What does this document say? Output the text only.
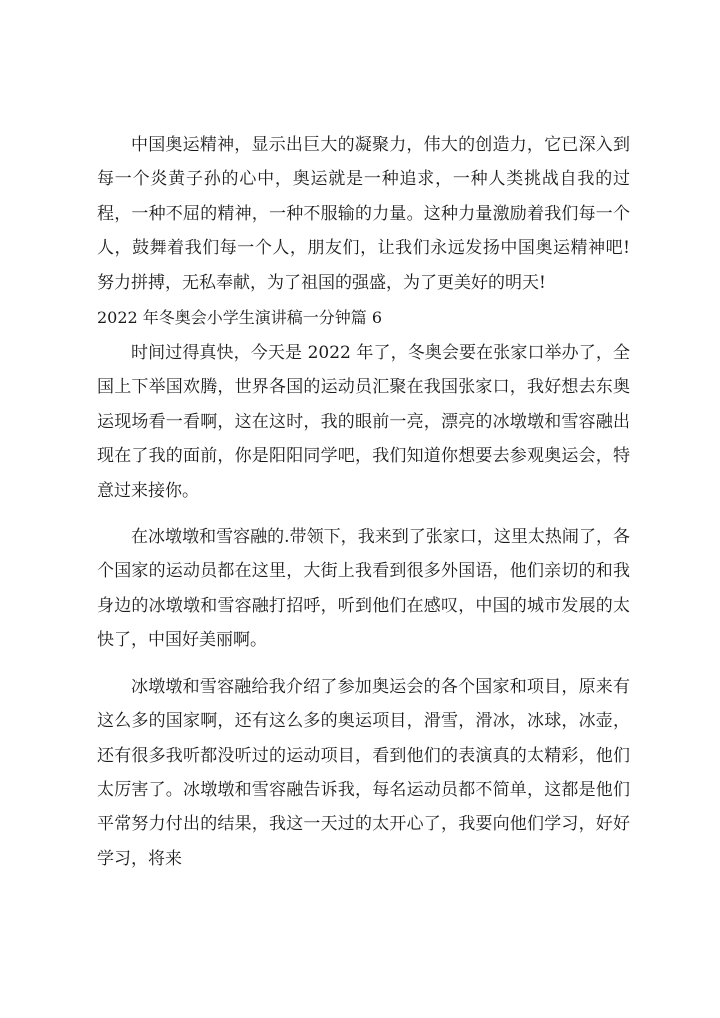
中国奥运精神，显示出巨大的凝聚力，伟大的创造力，它已深入到每一个炎黄子孙的心中，奥运就是一种追求，一种人类挑战自我的过程，一种不屈的精神，一种不服输的力量。这种力量激励着我们每一个人，鼓舞着我们每一个人，朋友们，让我们永远发扬中国奥运精神吧!努力拼搏，无私奉献，为了祖国的强盛，为了更美好的明天!

2022 年冬奥会小学生演讲稿一分钟篇 6

时间过得真快，今天是 2022 年了，冬奥会要在张家口举办了，全国上下举国欢腾，世界各国的运动员汇聚在我国张家口，我好想去东奥运现场看一看啊，这在这时，我的眼前一亮，漂亮的冰墩墩和雪容融出现在了我的面前，你是阳阳同学吧，我们知道你想要去参观奥运会，特意过来接你。

在冰墩墩和雪容融的.带领下，我来到了张家口，这里太热闹了，各个国家的运动员都在这里，大街上我看到很多外国语，他们亲切的和我身边的冰墩墩和雪容融打招呼，听到他们在感叹，中国的城市发展的太快了，中国好美丽啊。

冰墩墩和雪容融给我介绍了参加奥运会的各个国家和项目，原来有这么多的国家啊，还有这么多的奥运项目，滑雪，滑冰，冰球，冰壶，还有很多我听都没听过的运动项目，看到他们的表演真的太精彩，他们太厉害了。冰墩墩和雪容融告诉我，每名运动员都不简单，这都是他们平常努力付出的结果，我这一天过的太开心了，我要向他们学习，好好学习，将来
